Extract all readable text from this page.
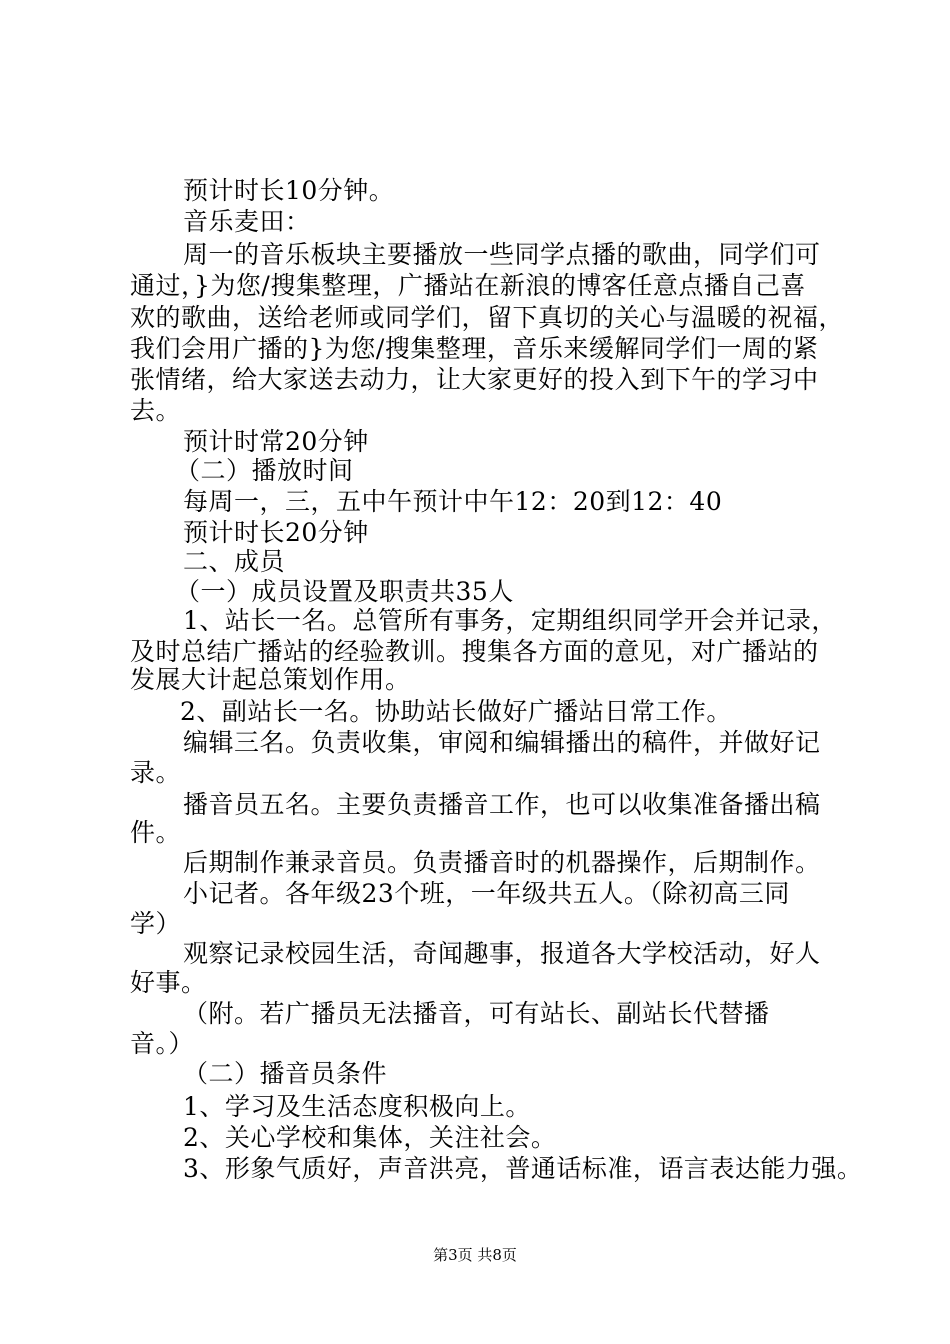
预计时长10分钟。
音乐麦田：
周一的音乐板块主要播放一些同学点播的歌曲，同学们可
通过，}为您/搜集整理，广播站在新浪的博客任意点播自己喜
欢的歌曲，送给老师或同学们，留下真切的关心与温暖的祝福，
我们会用广播的}为您/搜集整理，音乐来缓解同学们一周的紧
张情绪，给大家送去动力，让大家更好的投入到下午的学习中
去。
预计时常20分钟
（二）播放时间
每周一，三，五中午预计中午12：20到12：40
预计时长20分钟
二、成员
（一）成员设置及职责共35人
1、站长一名。总管所有事务，定期组织同学开会并记录，
及时总结广播站的经验教训。搜集各方面的意见，对广播站的
发展大计起总策划作用。
2、副站长一名。协助站长做好广播站日常工作。
编辑三名。负责收集，审阅和编辑播出的稿件，并做好记
录。
播音员五名。主要负责播音工作，也可以收集准备播出稿
件。
后期制作兼录音员。负责播音时的机器操作，后期制作。
小记者。各年级23个班，一年级共五人。（除初高三同
学）
观察记录校园生活，奇闻趣事，报道各大学校活动，好人
好事。
（附。若广播员无法播音，可有站长、副站长代替播
音。）
（二）播音员条件
1、学习及生活态度积极向上。
2、关心学校和集体，关注社会。
3、形象气质好，声音洪亮，普通话标准，语言表达能力强。
第3页 共8页
